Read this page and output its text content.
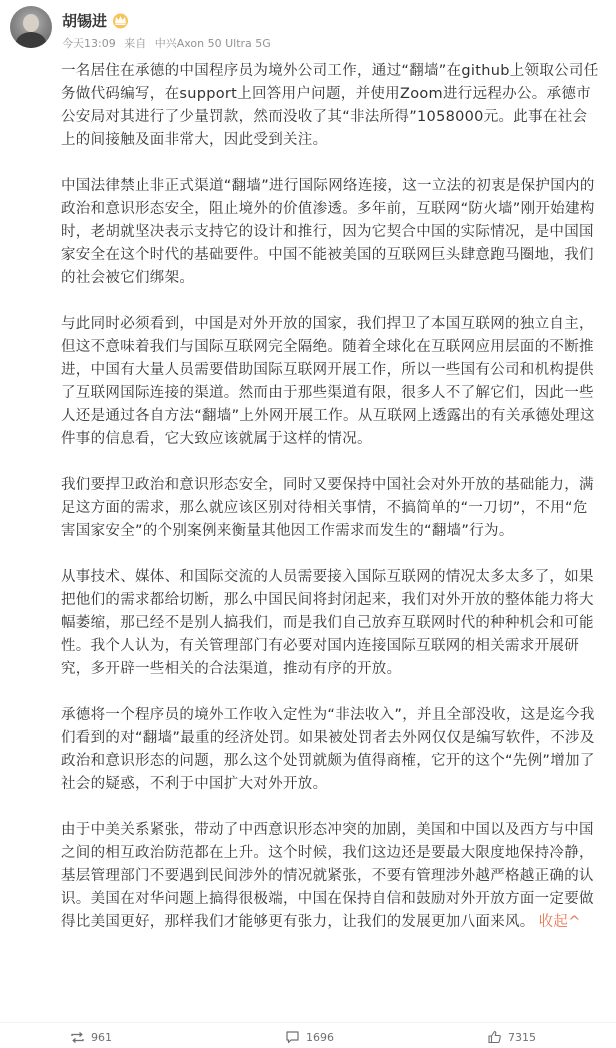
胡锡进
今天13:09 来自 中兴Axon 50 Ultra 5G

一名居住在承德的中国程序员为境外公司工作，通过“翻墙”在github上领取公司任务做代码编写，在support上回答用户问题，并使用Zoom进行远程办公。承德市公安局对其进行了少量罚款，然而没收了其“非法所得”1058000元。此事在社会上的间接触及面非常大，因此受到关注。

中国法律禁止非正式渠道“翻墙”进行国际网络连接，这一立法的初衷是保护国内的政治和意识形态安全，阻止境外的价值渗透。多年前，互联网“防火墙”刚开始建构时，老胡就坚决表示支持它的设计和推行，因为它契合中国的实际情况，是中国国家安全在这个时代的基础要件。中国不能被美国的互联网巨头肆意跑马圈地，我们的社会被它们绑架。

与此同时必须看到，中国是对外开放的国家，我们捍卫了本国互联网的独立自主，但这不意味着我们与国际互联网完全隔绝。随着全球化在互联网应用层面的不断推进，中国有大量人员需要借助国际互联网开展工作，所以一些国有公司和机构提供了互联网国际连接的渠道。然而由于那些渠道有限，很多人不了解它们，因此一些人还是通过各自方法“翻墙”上外网开展工作。从互联网上透露出的有关承德处理这件事的信息看，它大致应该就属于这样的情况。

我们要捍卫政治和意识形态安全，同时又要保持中国社会对外开放的基础能力，满足这方面的需求，那么就应该区别对待相关事情，不搞简单的“一刀切”，不用“危害国家安全”的个别案例来衡量其他因工作需求而发生的“翻墙”行为。

从事技术、媒体、和国际交流的人员需要接入国际互联网的情况太多太多了，如果把他们的需求都给切断，那么中国民间将封闭起来，我们对外开放的整体能力将大幅萎缩，那已经不是别人搞我们，而是我们自己放弃互联网时代的种种机会和可能性。我个人认为，有关管理部门有必要对国内连接国际互联网的相关需求开展研究，多开辟一些相关的合法渠道，推动有序的开放。

承德将一个程序员的境外工作收入定性为“非法收入”，并且全部没收，这是迄今我们看到的对“翻墙”最重的经济处罚。如果被处罚者去外网仅仅是编写软件，不涉及政治和意识形态的问题，那么这个处罚就颇为值得商榷，它开的这个“先例”增加了社会的疑惑，不利于中国扩大对外开放。

由于中美关系紧张，带动了中西意识形态冲突的加剧，美国和中国以及西方与中国之间的相互政治防范都在上升。这个时候，我们这边还是要最大限度地保持冷静，基层管理部门不要遇到民间涉外的情况就紧张，不要有管理涉外越严格越正确的认识。美国在对华问题上搞得很极端，中国在保持自信和鼓励对外开放方面一定要做得比美国更好，那样我们才能够更有张力，让我们的发展更加八面来风。 收起^

961	1696	7315
